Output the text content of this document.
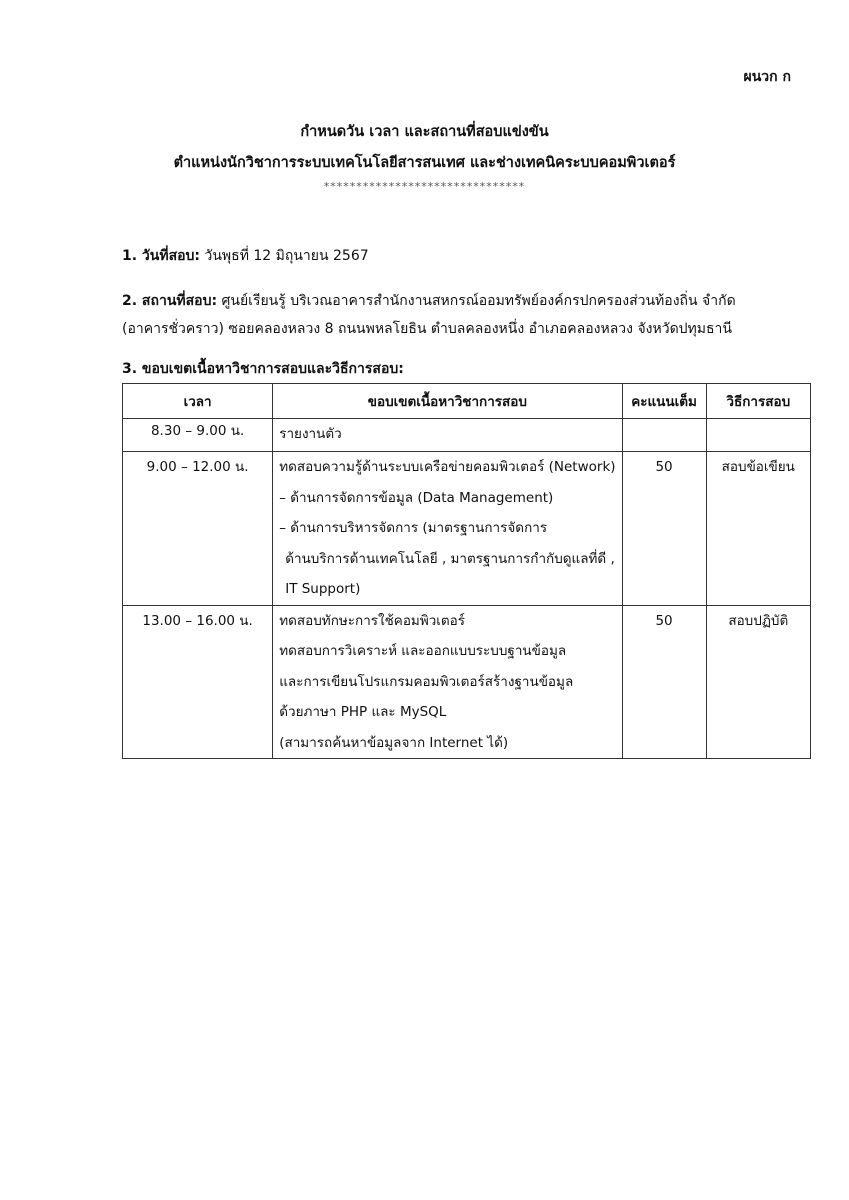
ผนวก ก
กำหนดวัน เวลา และสถานที่สอบแข่งขัน
ตำแหน่งนักวิชาการระบบเทคโนโลยีสารสนเทศ และช่างเทคนิคระบบคอมพิวเตอร์
*******************************
1. วันที่สอบ: วันพุธที่ 12 มิถุนายน 2567
2. สถานที่สอบ: ศูนย์เรียนรู้ บริเวณอาคารสำนักงานสหกรณ์ออมทรัพย์องค์กรปกครองส่วนท้องถิ่น จำกัด
(อาคารชั่วคราว) ซอยคลองหลวง 8 ถนนพหลโยธิน ตำบลคลองหนึ่ง อำเภอคลองหลวง จังหวัดปทุมธานี
3. ขอบเขตเนื้อหาวิชาการสอบและวิธีการสอบ:
เวลา	ขอบเขตเนื้อหาวิชาการสอบ	คะแนนเต็ม	วิธีการสอบ
8.30 – 9.00 น.	รายงานตัว		

9.00 – 12.00 น.	ทดสอบความรู้ด้านระบบเครือข่ายคอมพิวเตอร์ (Network)
– ด้านการจัดการข้อมูล (Data Management)
– ด้านการบริหารจัดการ (มาตรฐานการจัดการ
ด้านบริการด้านเทคโนโลยี , มาตรฐานการกำกับดูแลที่ดี ,
IT Support)	50	สอบข้อเขียน

13.00 – 16.00 น.	ทดสอบทักษะการใช้คอมพิวเตอร์
ทดสอบการวิเคราะห์ และออกแบบระบบฐานข้อมูล
และการเขียนโปรแกรมคอมพิวเตอร์สร้างฐานข้อมูล
ด้วยภาษา PHP และ MySQL
(สามารถค้นหาข้อมูลจาก Internet ได้)	50	สอบปฏิบัติ
